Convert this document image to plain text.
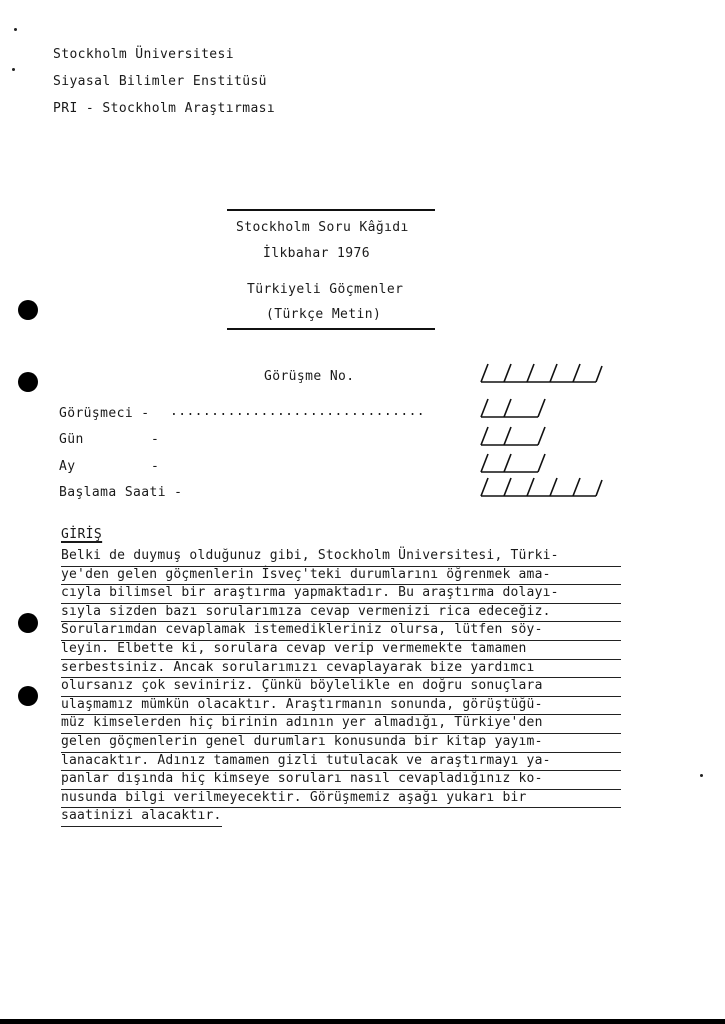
Stockholm Üniversitesi
Siyasal Bilimler Enstitüsü
PRI - Stockholm Araştırması
Stockholm Soru Kâğıdı
İlkbahar 1976
Türkiyeli Göçmenler
(Türkçe Metin)
Görüşme No.
Görüşmeci - ...............................
Gün	-
Ay	-
Başlama Saati -
GİRİŞ
Belki de duymuş olduğunuz gibi, Stockholm Üniversitesi, Türki-
ye'den gelen göçmenlerin İsveç'teki durumlarını öğrenmek ama-
cıyla bilimsel bir araştırma yapmaktadır. Bu araştırma dolayı-
sıyla sizden bazı sorularımıza cevap vermenizi rica edeceğiz.
Sorularımdan cevaplamak istemedikleriniz olursa, lütfen söy-
leyin. Elbette ki, sorulara cevap verip vermemekte tamamen
serbestsiniz. Ancak sorularımızı cevaplayarak bize yardımcı
olursanız çok seviniriz. Çünkü böylelikle en doğru sonuçlara
ulaşmamız mümkün olacaktır. Araştırmanın sonunda, görüştüğü-
müz kimselerden hiç birinin adının yer almadığı, Türkiye'den
gelen göçmenlerin genel durumları konusunda bir kitap yayım-
lanacaktır. Adınız tamamen gizli tutulacak ve araştırmayı ya-
panlar dışında hiç kimseye soruları nasıl cevapladığınız ko-
nusunda bilgi verilmeyecektir. Görüşmemiz aşağı yukarı bir
saatinizi alacaktır.
